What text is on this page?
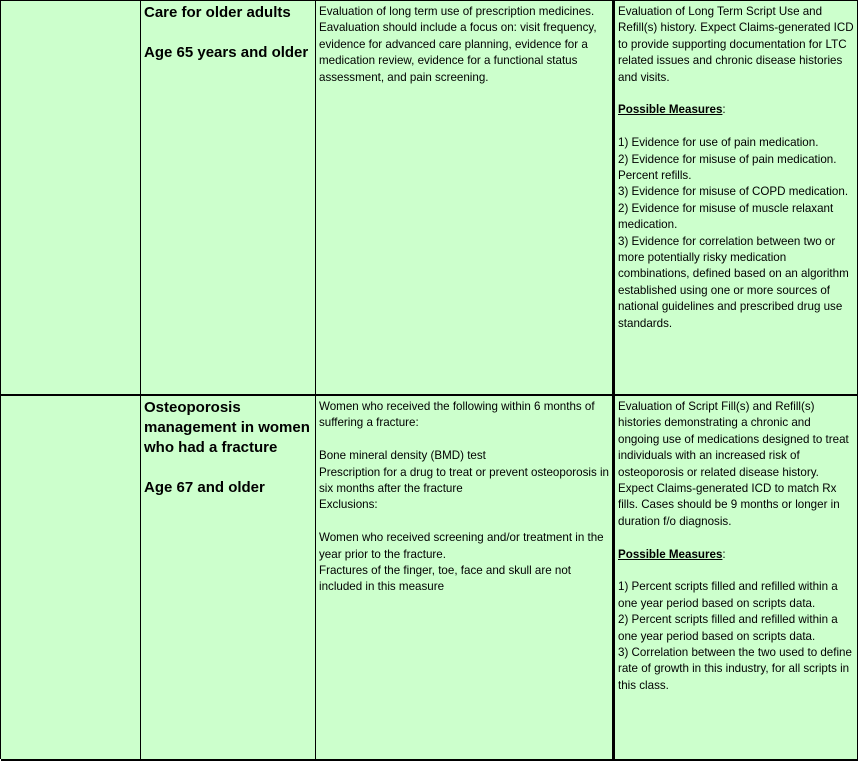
Care for older adults
Age 65 years and older
Evaluation of long term use of prescription medicines. Eavaluation should include a focus on: visit frequency, evidence for advanced care planning, evidence for a medication review, evidence for a functional status assessment, and pain screening.
Evaluation of Long Term Script Use and Refill(s) history. Expect Claims-generated ICD to provide supporting documentation for LTC related issues and chronic disease histories and visits.
Possible Measures:
1) Evidence for use of pain medication.
2) Evidence for misuse of pain medication. Percent refills.
3) Evidence for misuse of COPD medication.
2) Evidence for misuse of muscle relaxant medication.
3) Evidence for correlation between two or more potentially risky medication combinations, defined based on an algorithm established using one or more sources of national guidelines and prescribed drug use standards.
Osteoporosis management in women who had a fracture
Age 67 and older
Women who received the following within 6 months of suffering a fracture:
Bone mineral density (BMD) test
Prescription for a drug to treat or prevent osteoporosis in six months after the fracture
Exclusions:
Women who received screening and/or treatment in the year prior to the fracture.
Fractures of the finger, toe, face and skull are not included in this measure
Evaluation of Script Fill(s) and Refill(s) histories demonstrating a chronic and ongoing use of medications designed to treat individuals with an increased risk of osteoporosis or related disease history. Expect Claims-generated ICD to match Rx fills. Cases should be 9 months or longer in duration f/o diagnosis.
Possible Measures:
1) Percent scripts filled and refilled within a one year period based on scripts data.
2) Percent scripts filled and refilled within a one year period based on scripts data.
3) Correlation between the two used to define rate of growth in this industry, for all scripts in this class.
